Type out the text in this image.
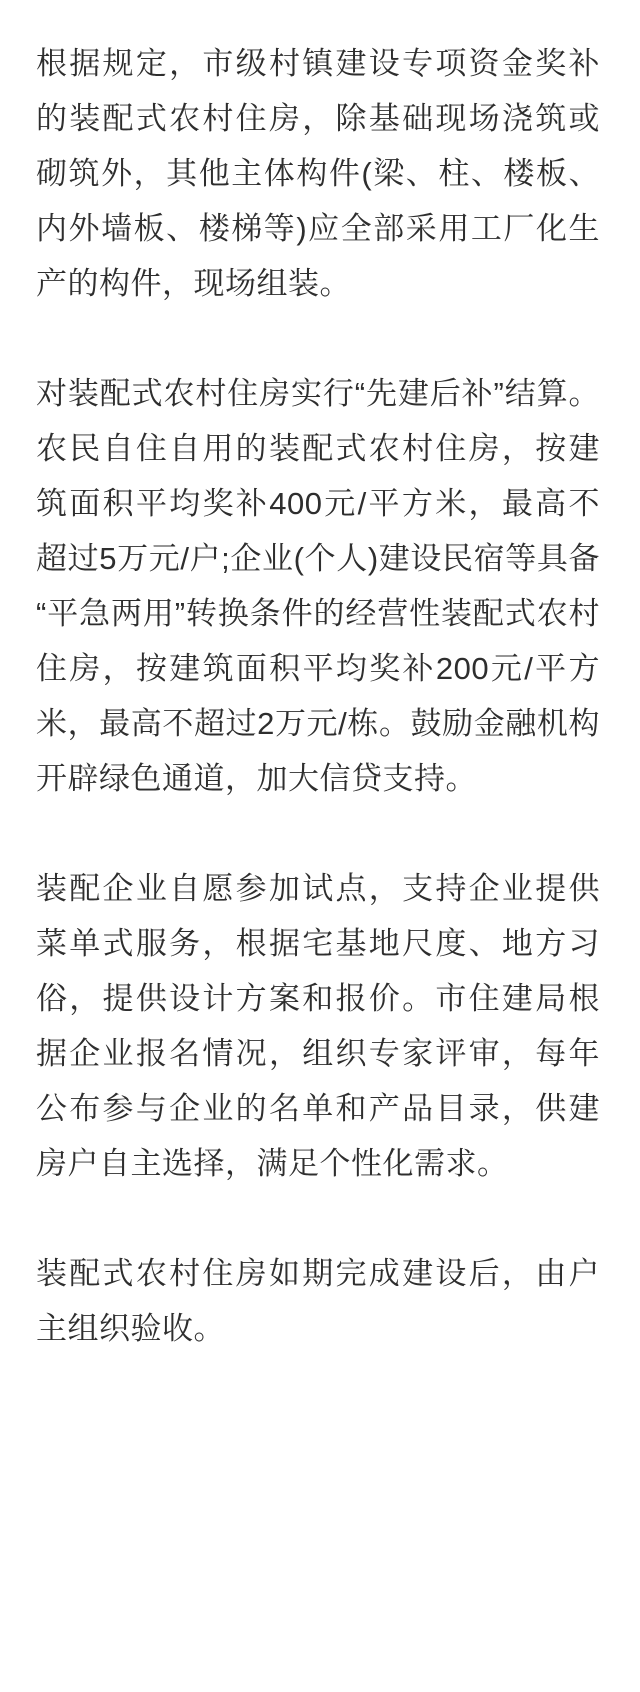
根据规定，市级村镇建设专项资金奖补的装配式农村住房，除基础现场浇筑或砌筑外，其他主体构件(梁、柱、楼板、内外墙板、楼梯等)应全部采用工厂化生产的构件，现场组装。

对装配式农村住房实行“先建后补”结算。农民自住自用的装配式农村住房，按建筑面积平均奖补400元/平方米，最高不超过5万元/户;企业(个人)建设民宿等具备“平急两用”转换条件的经营性装配式农村住房，按建筑面积平均奖补200元/平方米，最高不超过2万元/栋。鼓励金融机构开辟绿色通道，加大信贷支持。

装配企业自愿参加试点，支持企业提供菜单式服务，根据宅基地尺度、地方习俗，提供设计方案和报价。市住建局根据企业报名情况，组织专家评审，每年公布参与企业的名单和产品目录，供建房户自主选择，满足个性化需求。

装配式农村住房如期完成建设后，由户主组织验收。
